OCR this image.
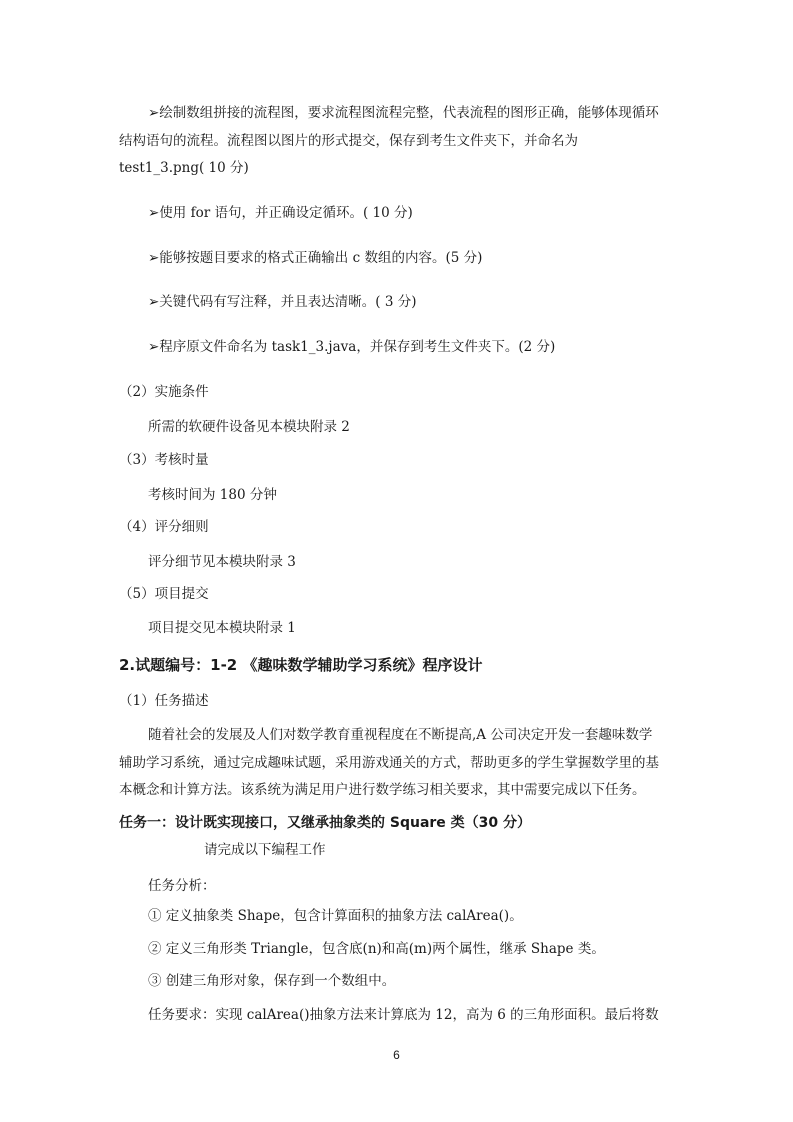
➢绘制数组拼接的流程图，要求流程图流程完整，代表流程的图形正确，能够体现循环
结构语句的流程。流程图以图片的形式提交，保存到考生文件夹下，并命名为
test1_3.png( 10 分)
➢使用 for 语句，并正确设定循环。( 10 分)
➢能够按题目要求的格式正确输出 c 数组的内容。(5 分)
➢关键代码有写注释，并且表达清晰。( 3 分)
➢程序原文件命名为 task1_3.java，并保存到考生文件夹下。(2 分)
（2）实施条件
所需的软硬件设备见本模块附录 2
（3）考核时量
考核时间为 180 分钟
（4）评分细则
评分细节见本模块附录 3
（5）项目提交
项目提交见本模块附录 1
2.试题编号：1-2 《趣味数学辅助学习系统》程序设计
（1）任务描述
随着社会的发展及人们对数学教育重视程度在不断提高,A 公司决定开发一套趣味数学
辅助学习系统，通过完成趣味试题，采用游戏通关的方式，帮助更多的学生掌握数学里的基
本概念和计算方法。该系统为满足用户进行数学练习相关要求，其中需要完成以下任务。
任务一：设计既实现接口，又继承抽象类的 Square 类（30 分）
请完成以下编程工作
任务分析：
① 定义抽象类 Shape，包含计算面积的抽象方法 calArea()。
② 定义三角形类 Triangle，包含底(n)和高(m)两个属性，继承 Shape 类。
③ 创建三角形对象，保存到一个数组中。
任务要求：实现 calArea()抽象方法来计算底为 12，高为 6 的三角形面积。最后将数
6
